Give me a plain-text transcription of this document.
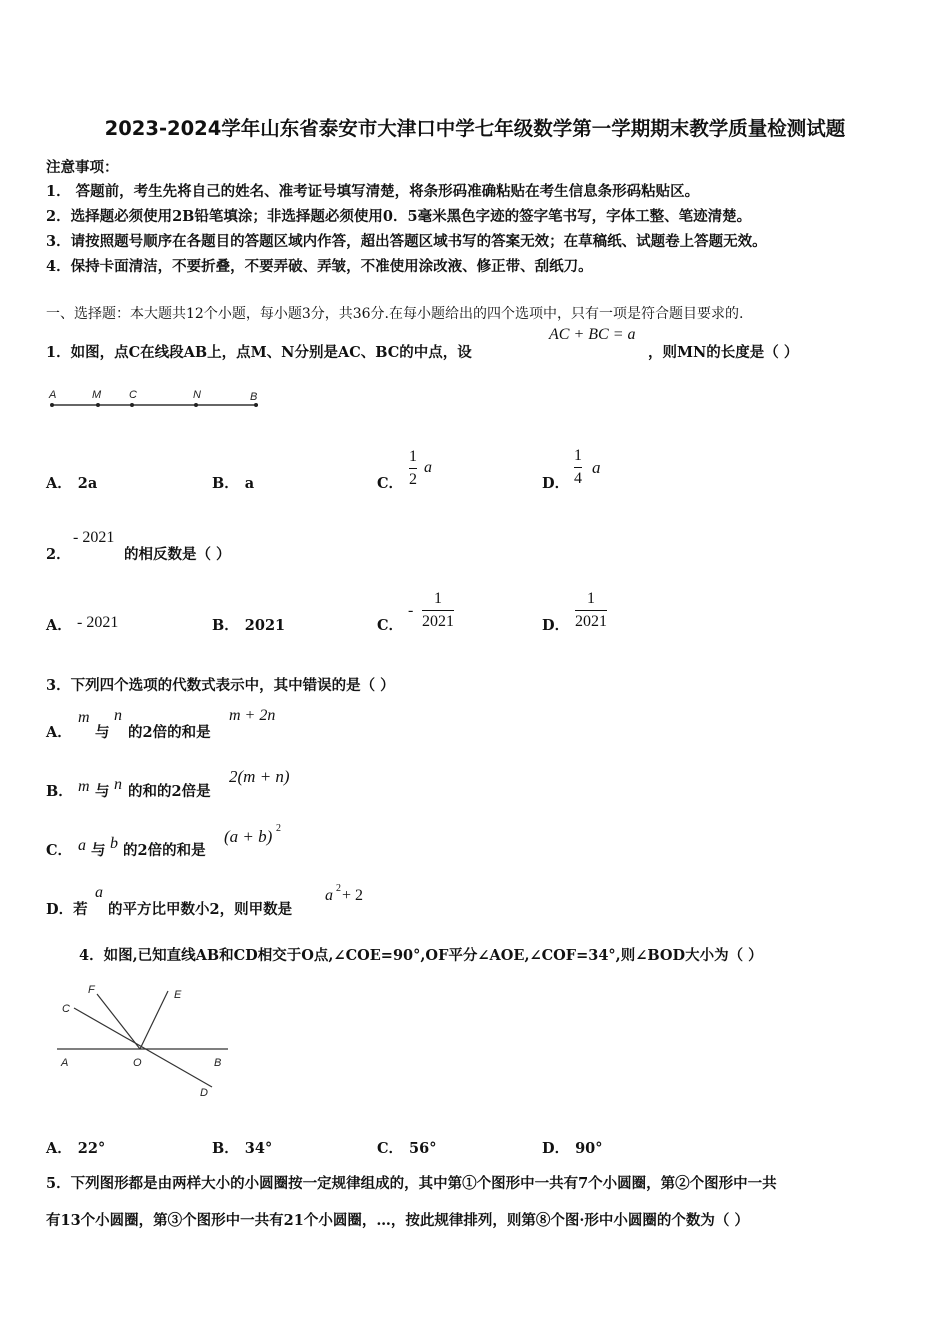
2023-2024学年山东省泰安市大津口中学七年级数学第一学期期末教学质量检测试题
注意事项：
1． 答题前，考生先将自己的姓名、准考证号填写清楚，将条形码准确粘贴在考生信息条形码粘贴区。
2．选择题必须使用2B铅笔填涂；非选择题必须使用0．5毫米黑色字迹的签字笔书写，字体工整、笔迹清楚。
3．请按照题号顺序在各题目的答题区域内作答，超出答题区域书写的答案无效；在草稿纸、试题卷上答题无效。
4．保持卡面清洁，不要折叠，不要弄破、弄皱，不准使用涂改液、修正带、刮纸刀。
一、选择题：本大题共12个小题，每小题3分，共36分.在每小题给出的四个选项中，只有一项是符合题目要求的.
1．如图，点C在线段AB上，点M、N分别是AC、BC的中点，设
AC + BC = a
，则MN的长度是（ ）
A	M	C	N	B
A． 2a	B． a	C．
1
2
a
D．
1
4
a
2．
- 2021
的相反数是（ ）
A． - 2021	B． 2021	C．
-
1
2021	D．
1
2021
3．下列四个选项的代数式表示中，其中错误的是（ ）
A．
m
与
n
的2倍的和是
m + 2n
B． m 与 n 的和的2倍是
2(m + n)
C． a 与 b 的2倍的和是
(a + b) 2
D．若
a
的平方比甲数小2，则甲数是
a 2 + 2
4．如图,已知直线AB和CD相交于O点,∠COE=90°,OF平分∠AOE,∠COF=34°,则∠BOD大小为（ ）
F	E
C
A	O	B
D
A． 22°	B． 34°	C． 56°	D． 90°
5．下列图形都是由两样大小的小圆圈按一定规律组成的，其中第①个图形中一共有7个小圆圈，第②个图形中一共
有13个小圆圈，第③个图形中一共有21个小圆圈，…，按此规律排列，则第⑧个图·形中小圆圈的个数为（ ）
